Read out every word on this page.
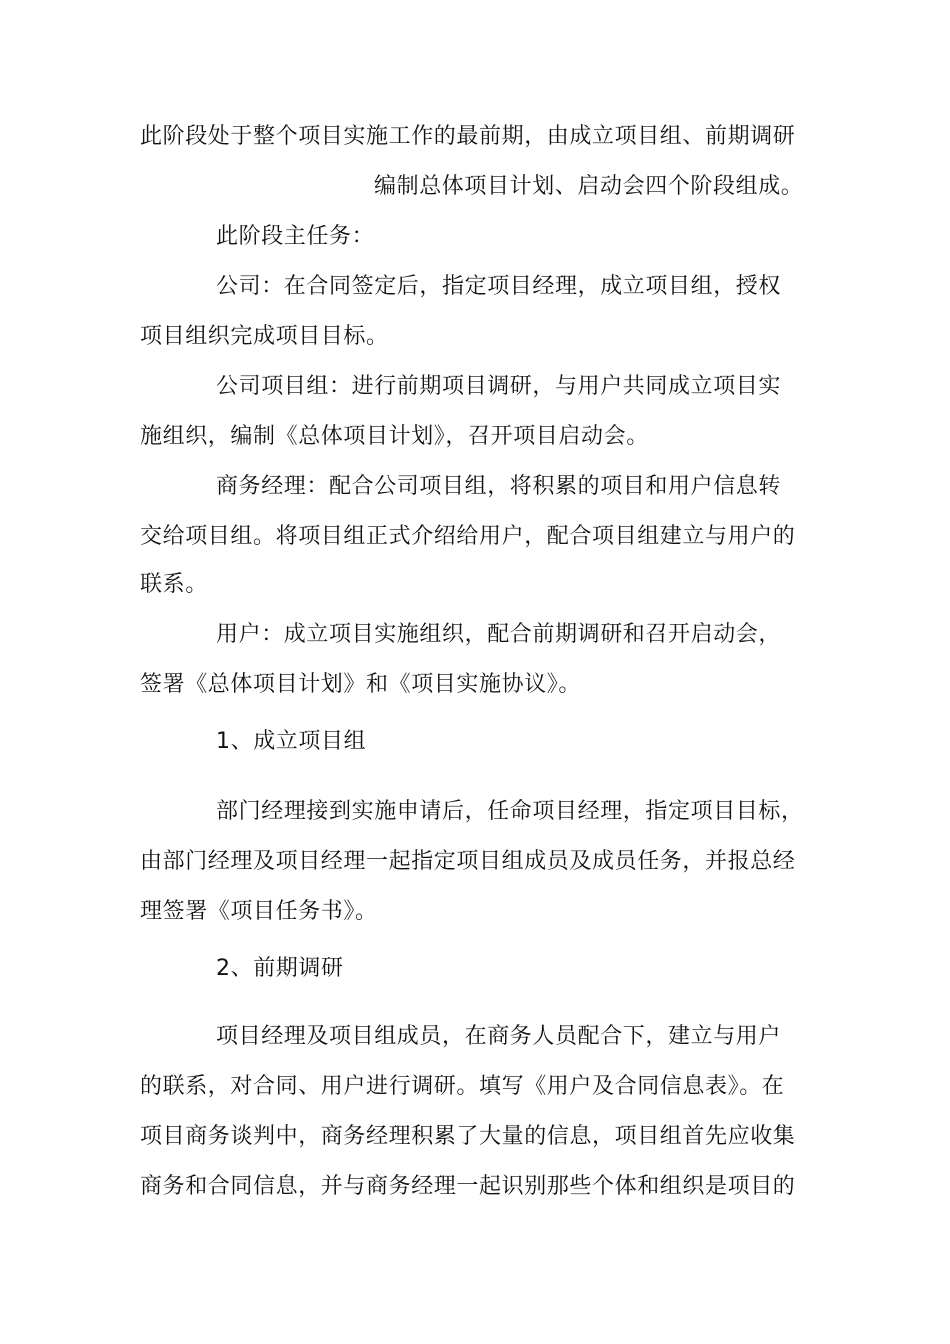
此阶段处于整个项目实施工作的最前期，由成立项目组、前期调研
编制总体项目计划、启动会四个阶段组成。
此阶段主任务：
公司：在合同签定后，指定项目经理，成立项目组，授权
项目组织完成项目目标。
公司项目组：进行前期项目调研，与用户共同成立项目实
施组织，编制《总体项目计划》，召开项目启动会。
商务经理：配合公司项目组，将积累的项目和用户信息转
交给项目组。将项目组正式介绍给用户，配合项目组建立与用户的
联系。
用户：成立项目实施组织，配合前期调研和召开启动会，
签署《总体项目计划》和《项目实施协议》。
1、成立项目组
部门经理接到实施申请后，任命项目经理，指定项目目标，
由部门经理及项目经理一起指定项目组成员及成员任务，并报总经
理签署《项目任务书》。
2、前期调研
项目经理及项目组成员，在商务人员配合下，建立与用户
的联系，对合同、用户进行调研。填写《用户及合同信息表》。在
项目商务谈判中，商务经理积累了大量的信息，项目组首先应收集
商务和合同信息，并与商务经理一起识别那些个体和组织是项目的
